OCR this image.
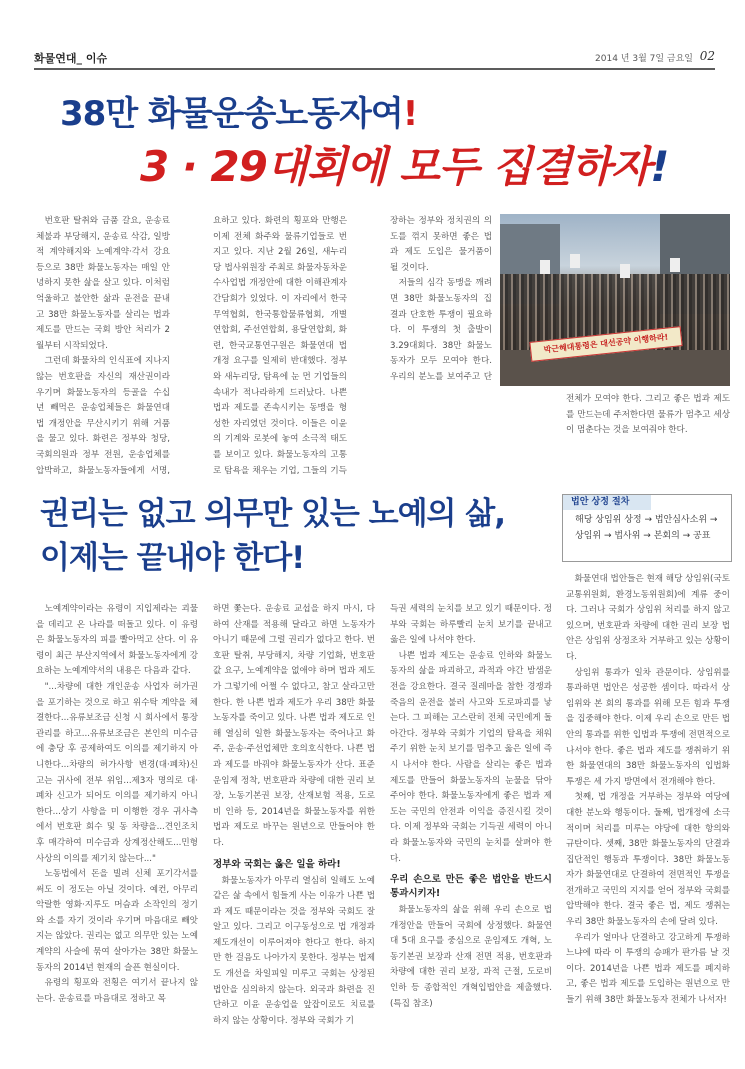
화물연대_ 이슈	2014 년 3월 7일 금요일 02
38만 화물운송노동자여!
3 · 29대회에 모두 집결하자!

번호판 탈취와 금품 갈요, 운송료 체불과 부당해지, 운송료 삭감, 일방적 계약해지와 노예계약·각서 강요 등으로 38만 화물노동자는 매일 안녕하지 못한 삶을 살고 있다. 이처럼 억울하고 불안한 삶과 운전을 끝내고 38만 화물노동자를 살리는 법과 제도를 만드는 국회 방안 처리가 2월부터 시작되었다.

그런데 화물차의 인식표에 지나지 않는 번호판을 자신의 재산권이라 우기며 화물노동자의 등골을 수십 년 빼먹은 운송업체들은 화물연대 법 개정안을 무산시키기 위해 거품을 물고 있다. 화련은 정부와 청당, 국회의원과 정부 전원, 운송업체를 압박하고, 화물노동자들에게 서명,

요하고 있다. 화련의 횡포와 만행은 이제 전체 화주와 물류기업들로 번지고 있다. 지난 2월 26일, 새누리당 법사위원장 주최로 화물자동차운수사업법 개정안에 대한 이해관계자 간담회가 있었다. 이 자리에서 한국무역협회, 한국통합물류협회, 개별연합회, 주선연합회, 용달연합회, 화련, 한국교통연구원은 화물연대 법 개정 요구를 일제히 반대했다. 정부와 새누리당, 탐욕에 눈 먼 기업들의 속내가 적나라하게 드러났다. 나쁜 법과 제도를 존속시키는 동맹을 형성한 자리였던 것이다. 이들은 이윤의 기계와 로봇에 놓여 소극적 태도를 보이고 있다. 화물노동자의 고통로 탐욕을 채우는 기업, 그들의 기득

장하는 정부와 정치권의 의도를 꺾지 못하면 좋은 법과 제도 도입은 물거품이 될 것이다.

저들의 심각 동맹을 깨려면 38만 화물노동자의 집결과 단호한 투쟁이 필요하다. 이 투쟁의 첫 출발이 3.29대회다. 38만 화물노동자가 모두 모여야 한다. 우리의 분노를 보여주고 단

전체가 모여야 한다. 그리고 좋은 법과 제도를 만드는데 주저한다면 물류가 멈추고 세상이 멈춘다는 것을 보여줘야 한다.

박근혜대통령은 대선공약 이행하라!
권리는 없고 의무만 있는 노예의 삶,
이제는 끝내야 한다!
법안 상정 절차
해당 상임위 상정 → 법안심사소위 → 상임위 → 법사위 → 본회의 → 공표

노예계약이라는 유령이 지입제라는 괴물을 데리고 온 나라를 떠돌고 있다. 이 유령은 화물노동자의 피를 빨아먹고 산다. 이 유령이 최근 부산지역에서 화물노동자에게 강요하는 노예계약서의 내용은 다음과 같다.

"...차량에 대한 개인운송 사업자 허가권을 포기하는 것으로 하고 위수탁 계약을 체결한다...유류보조금 신청 시 회사에서 통장관리를 하고...유류보조금은 본인의 미수금에 충당 후 공제하여도 이의를 제기하지 아니한다...차량의 허가사항 변경(대·폐차)신고는 귀사에 전부 위임...제3자 명의로 대·폐차 신고가 되어도 이의를 제기하지 아니한다...상기 사항을 미 이행한 경우 귀사측에서 번호판 회수 및 동 차량을...견인조치 후 매각하여 미수금과 상계정산해도...민형사상의 이의를 제기치 않는다..."

노동법에서 돈을 빌려 신체 포기각서를 써도 이 정도는 아닐 것이다. 예컨, 아무리 악랄한 영화·지루도 머슴과 소작인의 정기와 소를 자기 것이라 우기며 마음대로 빼앗지는 않았다. 권리는 없고 의무만 있는 노예계약의 사슬에 묶여 살아가는 38만 화물노동자의 2014년 현재의 슬픈 현실이다.

유령의 횡포와 전횡은 여기서 끝나지 않는다. 운송료를 마음대로 정하고 목

하면 쫓는다. 운송료 교섭을 하지 마시, 다하여 산재를 적용해 달라고 하면 노동자가 아니기 때문에 그럴 권리가 없다고 한다. 번호판 탈취, 부당해지, 차량 기업화, 번호판 값 요구, 노예계약을 없애야 하며 법과 제도가 그렇기에 어쩔 수 없다고, 참고 살라고만 한다. 한 나쁜 법과 제도가 우리 38만 화물노동자를 죽이고 있다. 나쁜 법과 제도로 인해 열심히 일한 화물노동자는 죽어나고 화주, 운송·주선업체만 호의호식한다. 나쁜 법과 제도를 바꿔야 화물노동자가 산다. 표준운임제 정착, 번호판과 차량에 대한 권리 보장, 노동기본권 보장, 산재보험 적용, 도로비 인하 등, 2014년을 화물노동자를 위한 법과 제도로 바꾸는 원년으로 만들어야 한다.

정부와 국회는 옳은 일을 하라!

화물노동자가 아무리 열심히 일해도 노예 같은 삶 속에서 힘들게 사는 이유가 나쁜 법과 제도 때문이라는 것을 정부와 국회도 잘 알고 있다. 그리고 이구동성으로 법 개정과 제도개선이 이루어져야 한다고 한다. 하지만 한 걸음도 나아가지 못한다. 정부는 법제도 개선을 차일피일 미루고 국회는 상정된 법안을 심의하지 않는다. 외국과 화련을 진단하고 이윤 운송업을 앞잡이로도 치료를 하지 않는 상황이다. 정부와 국회가 기

득권 세력의 눈치를 보고 있기 때문이다. 정부와 국회는 하루빨리 눈치 보기를 끝내고 옳은 일에 나서야 한다.

나쁜 법과 제도는 운송료 인하와 화물노동자의 삶을 파괴하고, 과적과 야간 밤샘운전을 강요한다. 결국 질레마을 참한 경쟁과 죽음의 운전을 불러 사고와 도로파괴를 낳는다. 그 피해는 고스란히 전체 국민에게 돌아간다. 정부와 국회가 기업의 탐욕을 채워주기 위한 눈치 보기를 멈추고 옳은 일에 즉시 나서야 한다. 사람을 살리는 좋은 법과 제도를 만들어 화물노동자의 눈물을 닦아 주어야 한다. 화물노동자에게 좋은 법과 제도는 국민의 안전과 이익을 증진시킬 것이다. 이제 정부와 국회는 기득권 세력이 아니라 화물노동자와 국민의 눈치를 살펴야 한다.

우리 손으로 만든 좋은 법안을 반드시 통과시키자!

화물노동자의 삶을 위해 우리 손으로 법 개정안을 만들어 국회에 상정했다. 화물연대 5대 요구를 중심으로 운임제도 개혁, 노동기본권 보장과 산재 전면 적용, 번호판과 차량에 대한 권리 보장, 과적 근절, 도로비 인하 등 종합적인 개혁입법안을 제출했다.(특집 참조)

화물연대 법안들은 현재 해당 상임위(국토교통위원회, 환경노동위원회)에 계류 중이다. 그러나 국회가 상임위 처리를 하지 않고 있으며, 번호판과 차량에 대한 권리 보장 법안은 상임위 상정조차 거부하고 있는 상황이다.

상임위 통과가 일차 관문이다. 상임위를 통과하면 법안은 성공한 셈이다. 따라서 상임위와 본 회의 통과를 위해 모든 힘과 투쟁을 집중해야 한다. 이제 우리 손으로 만든 법안의 통과를 위한 입법과 투쟁에 전면적으로 나서야 한다. 좋은 법과 제도를 쟁취하기 위한 화물연대의 38만 화물노동자의 입법화 투쟁은 세 가지 방면에서 전개해야 한다.

첫째, 법 개정을 거부하는 정부와 여당에 대한 분노와 행동이다. 둘째, 법개정에 소극적이며 처리를 미루는 야당에 대한 항의와 규탄이다. 셋째, 38만 화물노동자의 단결과 집단적인 행동과 투쟁이다. 38만 화물노동자가 화물연대로 단결하여 전면적인 투쟁을 전개하고 국민의 지지를 얻어 정부와 국회를 압박해야 한다. 결국 좋은 법, 제도 쟁취는 우리 38만 화물노동자의 손에 달려 있다.

우리가 얼마나 단결하고 강고하게 투쟁하느냐에 따라 이 투쟁의 승패가 판가름 날 것이다. 2014년을 나쁜 법과 제도를 폐지하고, 좋은 법과 제도를 도입하는 원년으로 만들기 위해 38만 화물노동자 전체가 나서자!
